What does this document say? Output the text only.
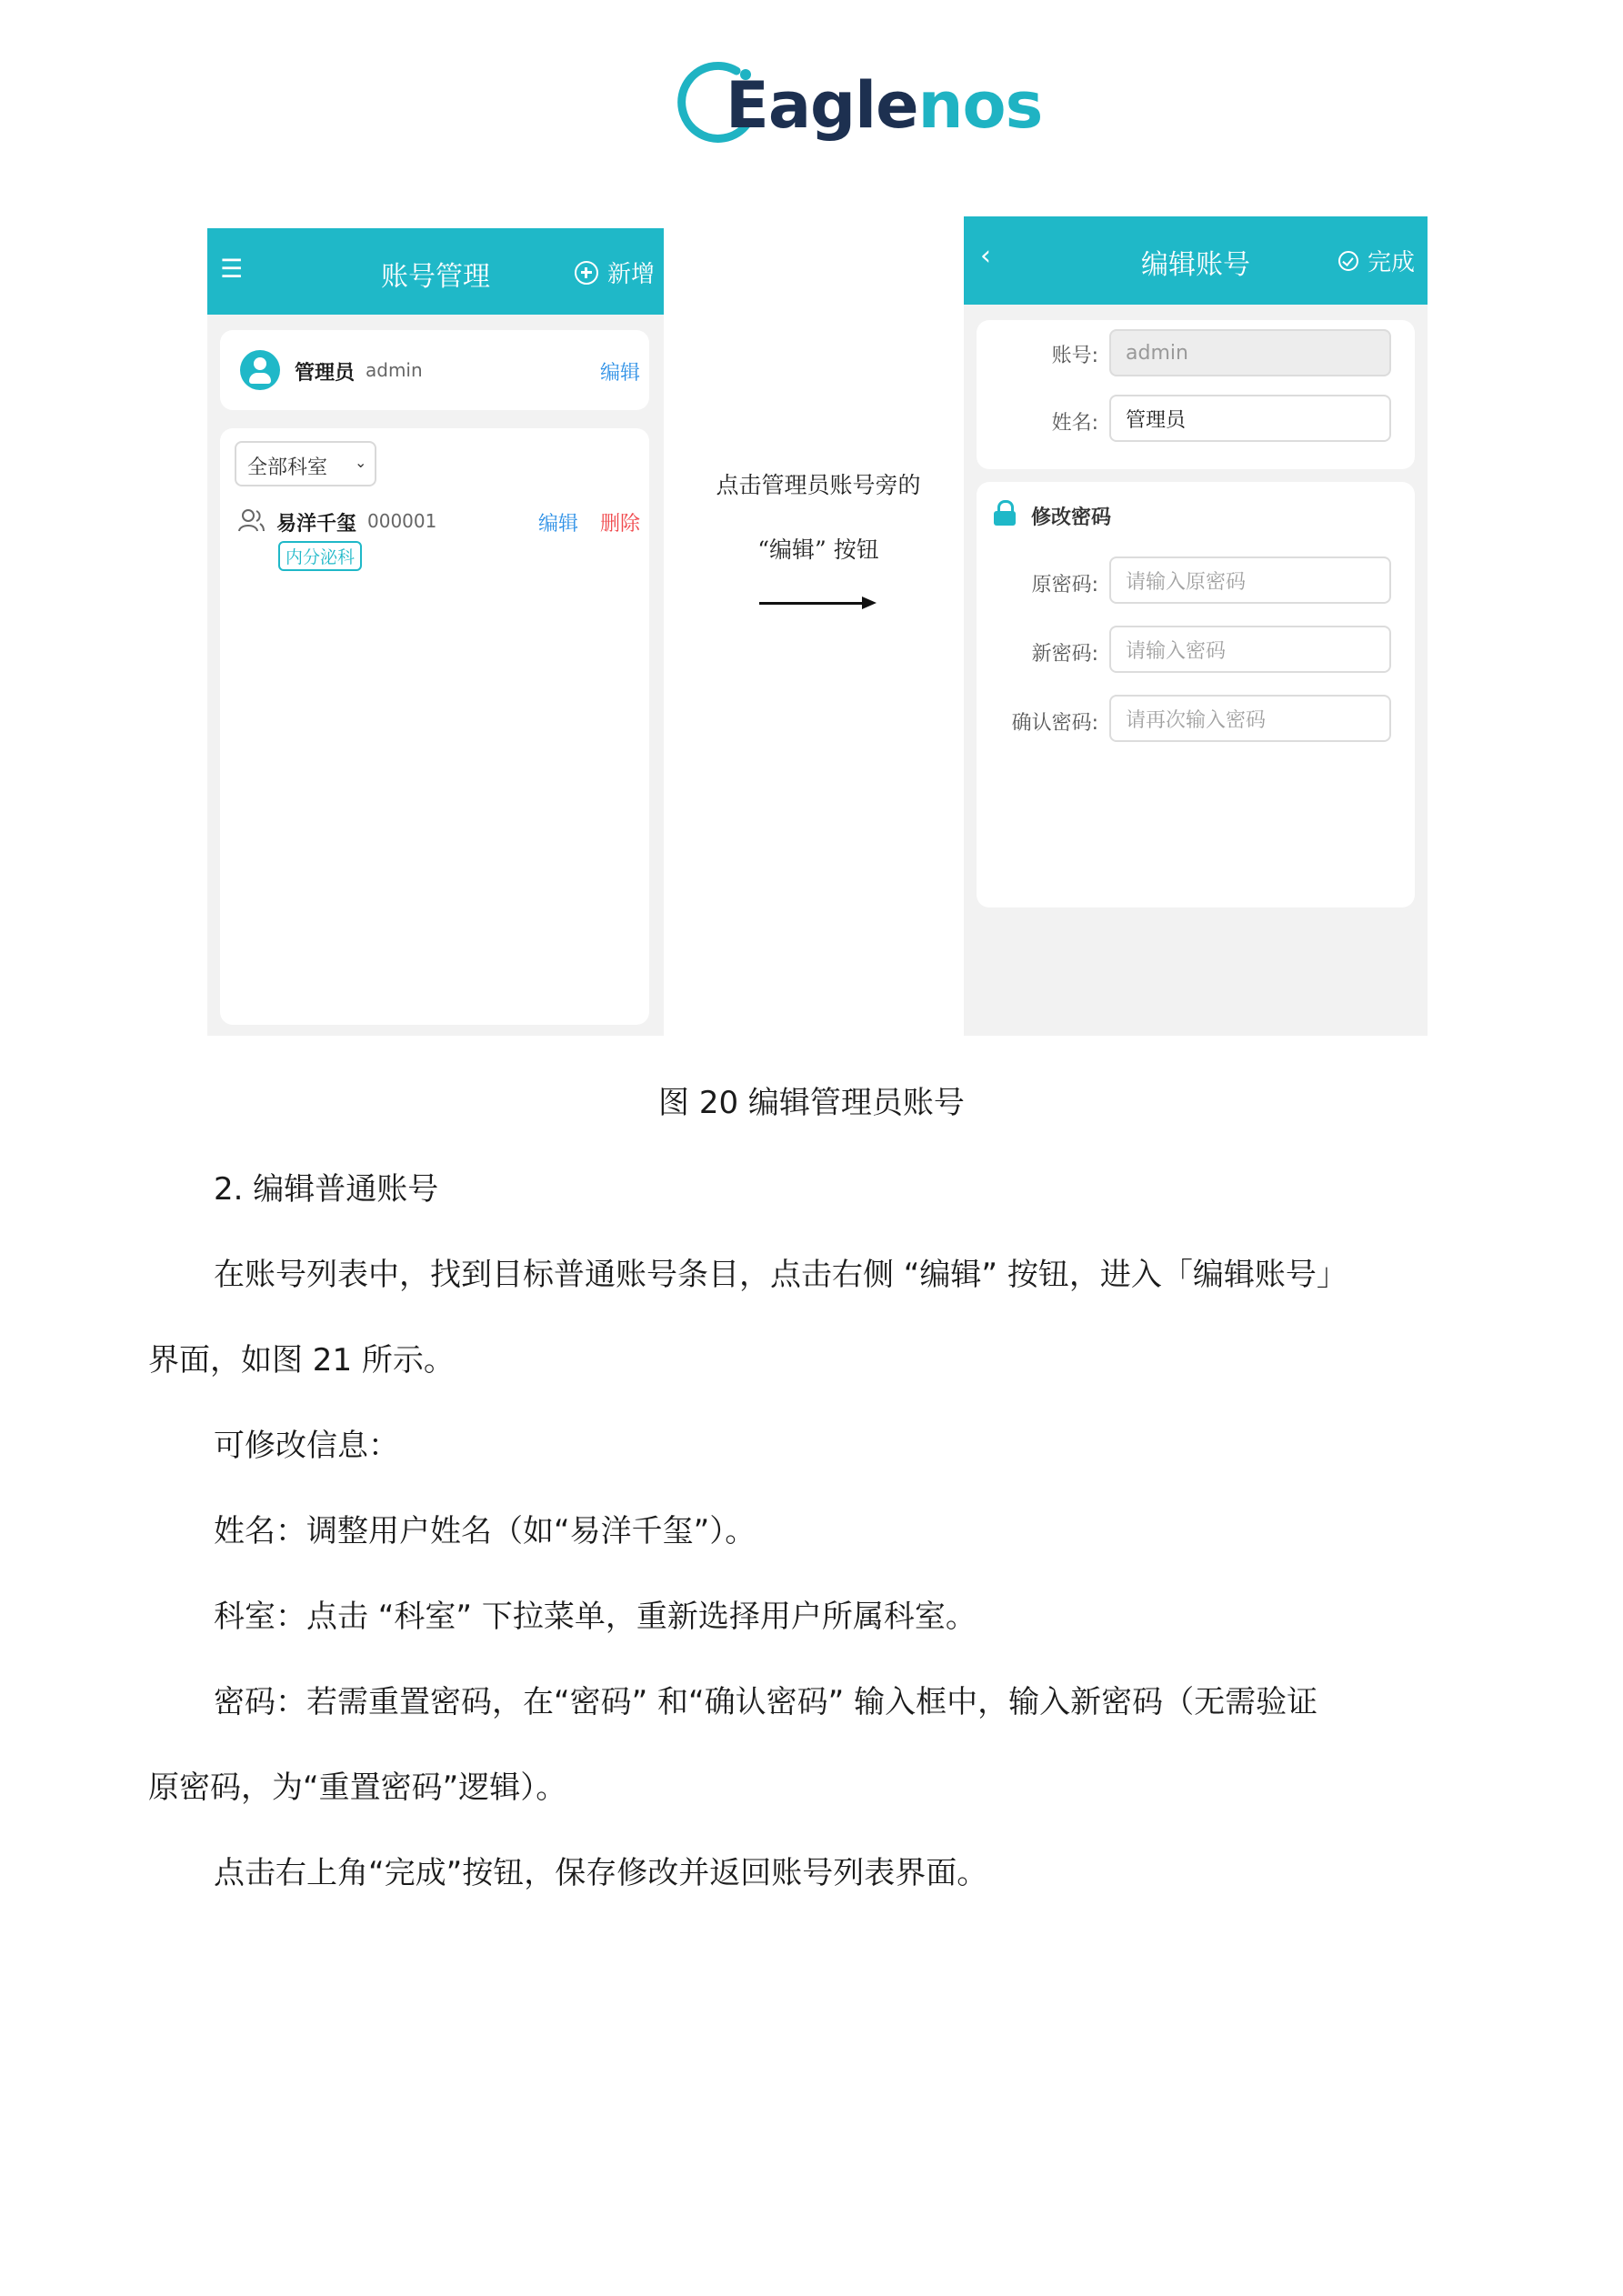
Eaglenos
☰	账号管理	新增
管理员 admin	编辑
全部科室 ⌄
易洋千玺 000001	编辑 删除
内分泌科
点击管理员账号旁的
“编辑” 按钮
‹	编辑账号	完成
账号: admin
姓名: 管理员
修改密码
原密码: 请输入原密码
新密码: 请输入密码
确认密码: 请再次输入密码
图 20 编辑管理员账号
2. 编辑普通账号
在账号列表中，找到目标普通账号条目，点击右侧 “编辑” 按钮，进入「编辑账号」
界面，如图 21 所示。
可修改信息：
姓名：调整用户姓名（如“易洋千玺”）。
科室：点击 “科室” 下拉菜单，重新选择用户所属科室。
密码：若需重置密码，在“密码” 和“确认密码” 输入框中，输入新密码（无需验证
原密码，为“重置密码”逻辑）。
点击右上角“完成”按钮，保存修改并返回账号列表界面。
